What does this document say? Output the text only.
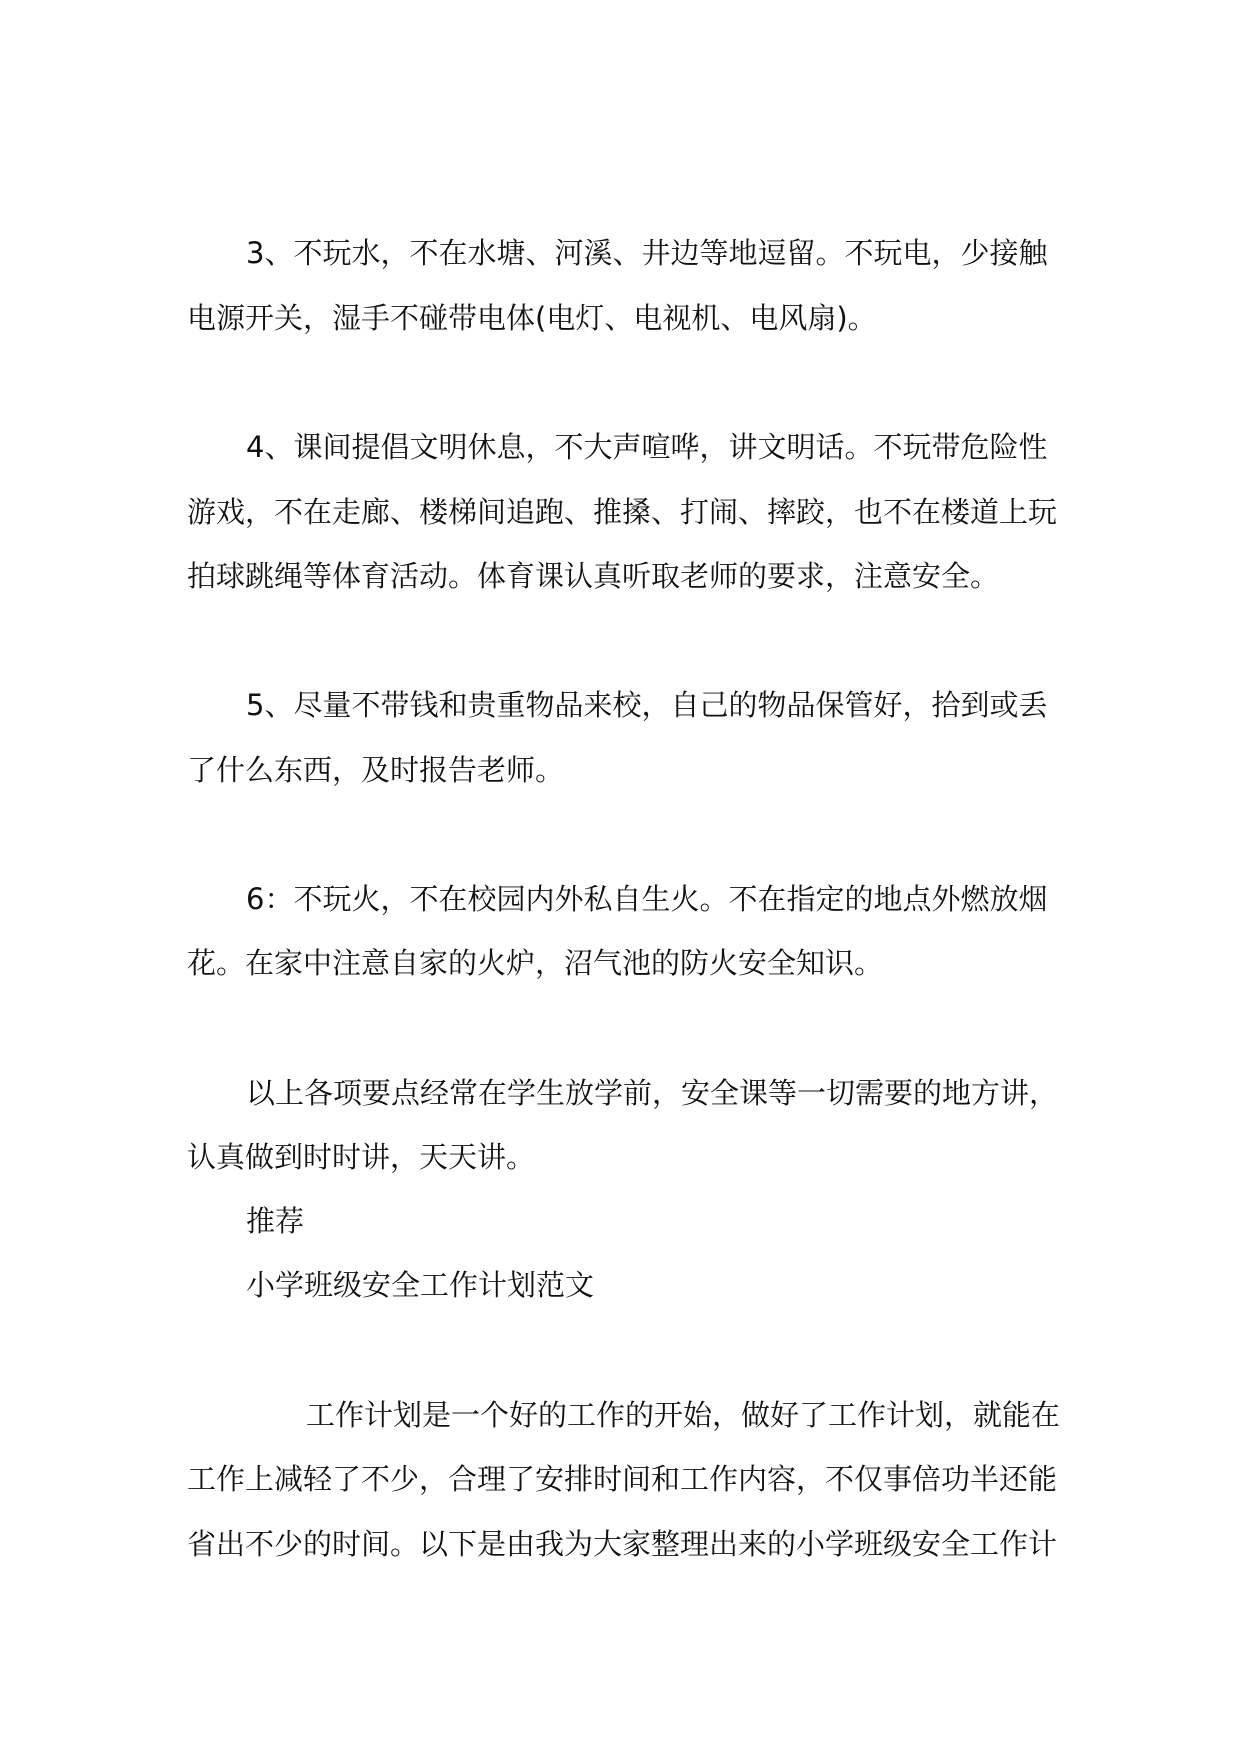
3、不玩水，不在水塘、河溪、井边等地逗留。不玩电，少接触
电源开关，湿手不碰带电体(电灯、电视机、电风扇)。
4、课间提倡文明休息，不大声喧哗，讲文明话。不玩带危险性
游戏，不在走廊、楼梯间追跑、推搡、打闹、摔跤，也不在楼道上玩
拍球跳绳等体育活动。体育课认真听取老师的要求，注意安全。
5、尽量不带钱和贵重物品来校，自己的物品保管好，拾到或丢
了什么东西，及时报告老师。
6：不玩火，不在校园内外私自生火。不在指定的地点外燃放烟
花。在家中注意自家的火炉，沼气池的防火安全知识。
以上各项要点经常在学生放学前，安全课等一切需要的地方讲，
认真做到时时讲，天天讲。
推荐
小学班级安全工作计划范文
工作计划是一个好的工作的开始，做好了工作计划，就能在
工作上减轻了不少，合理了安排时间和工作内容，不仅事倍功半还能
省出不少的时间。以下是由我为大家整理出来的小学班级安全工作计
